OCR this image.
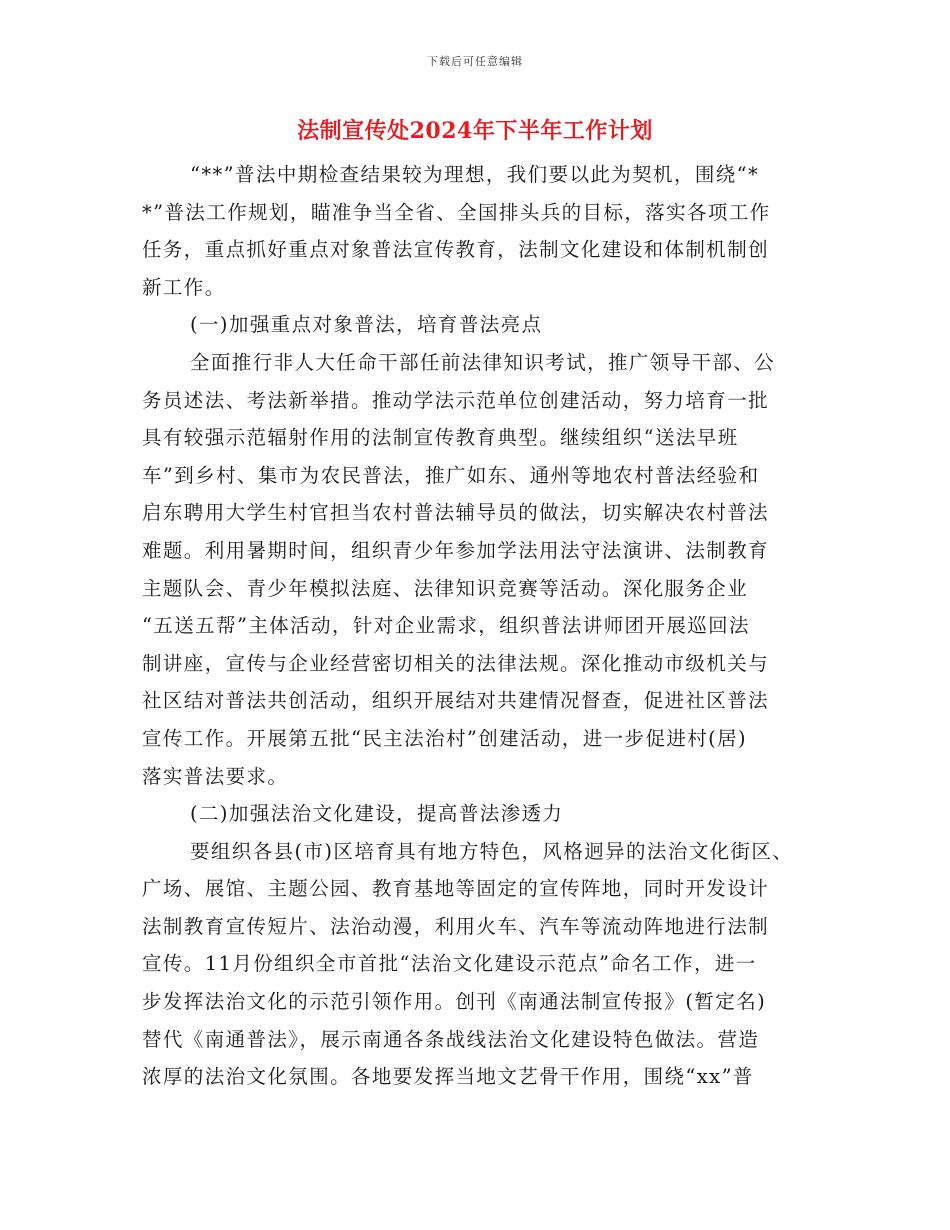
下载后可任意编辑
法制宣传处2024年下半年工作计划
“**”普法中期检查结果较为理想，我们要以此为契机，围绕“*
*”普法工作规划，瞄准争当全省、全国排头兵的目标，落实各项工作
任务，重点抓好重点对象普法宣传教育，法制文化建设和体制机制创
新工作。
(一)加强重点对象普法，培育普法亮点
全面推行非人大任命干部任前法律知识考试，推广领导干部、公
务员述法、考法新举措。推动学法示范单位创建活动，努力培育一批
具有较强示范辐射作用的法制宣传教育典型。继续组织“送法早班
车”到乡村、集市为农民普法，推广如东、通州等地农村普法经验和
启东聘用大学生村官担当农村普法辅导员的做法，切实解决农村普法
难题。利用暑期时间，组织青少年参加学法用法守法演讲、法制教育
主题队会、青少年模拟法庭、法律知识竞赛等活动。深化服务企业
“五送五帮”主体活动，针对企业需求，组织普法讲师团开展巡回法
制讲座，宣传与企业经营密切相关的法律法规。深化推动市级机关与
社区结对普法共创活动，组织开展结对共建情况督查，促进社区普法
宣传工作。开展第五批“民主法治村”创建活动，进一步促进村(居)
落实普法要求。
(二)加强法治文化建设，提高普法渗透力
要组织各县(市)区培育具有地方特色，风格迥异的法治文化街区、
广场、展馆、主题公园、教育基地等固定的宣传阵地，同时开发设计
法制教育宣传短片、法治动漫，利用火车、汽车等流动阵地进行法制
宣传。11月份组织全市首批“法治文化建设示范点”命名工作，进一
步发挥法治文化的示范引领作用。创刊《南通法制宣传报》(暂定名)
替代《南通普法》，展示南通各条战线法治文化建设特色做法。营造
浓厚的法治文化氛围。各地要发挥当地文艺骨干作用，围绕“xx”普
